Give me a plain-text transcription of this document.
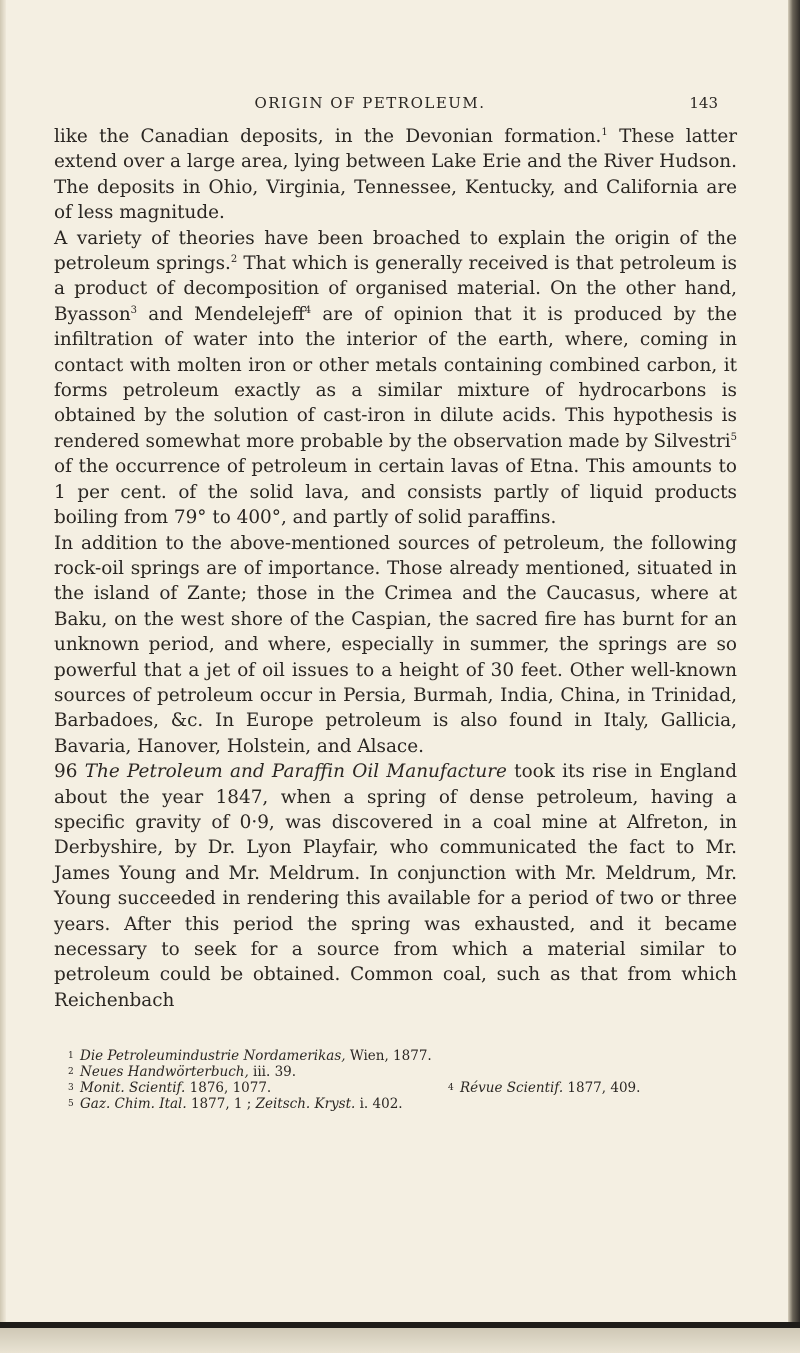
ORIGIN OF PETROLEUM.	143

like the Canadian deposits, in the Devonian formation.$^1$ These latter extend over a large area, lying between Lake Erie and the River Hudson. The deposits in Ohio, Virginia, Tennessee, Kentucky, and California are of less magnitude.

A variety of theories have been broached to explain the origin of the petroleum springs.$^2$ That which is generally received is that petroleum is a product of decomposition of organised material. On the other hand, Byasson$^3$ and Mendelejeff$^4$ are of opinion that it is produced by the infiltration of water into the interior of the earth, where, coming in contact with molten iron or other metals containing combined carbon, it forms petroleum exactly as a similar mixture of hydrocarbons is obtained by the solution of cast-iron in dilute acids. This hypothesis is rendered somewhat more probable by the observation made by Silvestri$^5$ of the occurrence of petroleum in certain lavas of Etna. This amounts to 1 per cent. of the solid lava, and consists partly of liquid products boiling from 79° to 400°, and partly of solid paraffins.

In addition to the above-mentioned sources of petroleum, the following rock-oil springs are of importance. Those already mentioned, situated in the island of Zante; those in the Crimea and the Caucasus, where at Baku, on the west shore of the Caspian, the sacred fire has burnt for an unknown period, and where, especially in summer, the springs are so powerful that a jet of oil issues to a height of 30 feet. Other well-known sources of petroleum occur in Persia, Burmah, India, China, in Trinidad, Barbadoes, &c. In Europe petroleum is also found in Italy, Gallicia, Bavaria, Hanover, Holstein, and Alsace.

96 The Petroleum and Paraffin Oil Manufacture took its rise in England about the year 1847, when a spring of dense petroleum, having a specific gravity of 0·9, was discovered in a coal mine at Alfreton, in Derbyshire, by Dr. Lyon Playfair, who communicated the fact to Mr. James Young and Mr. Meldrum. In conjunction with Mr. Meldrum, Mr. Young succeeded in rendering this available for a period of two or three years. After this period the spring was exhausted, and it became necessary to seek for a source from which a material similar to petroleum could be obtained. Common coal, such as that from which Reichenbach

1 Die Petroleumindustrie Nordamerikas, Wien, 1877.
2 Neues Handwörterbuch, iii. 39.
3 Monit. Scientif. 1876, 1077.	4 Révue Scientif. 1877, 409.
5 Gaz. Chim. Ital. 1877, 1 ; Zeitsch. Kryst. i. 402.
